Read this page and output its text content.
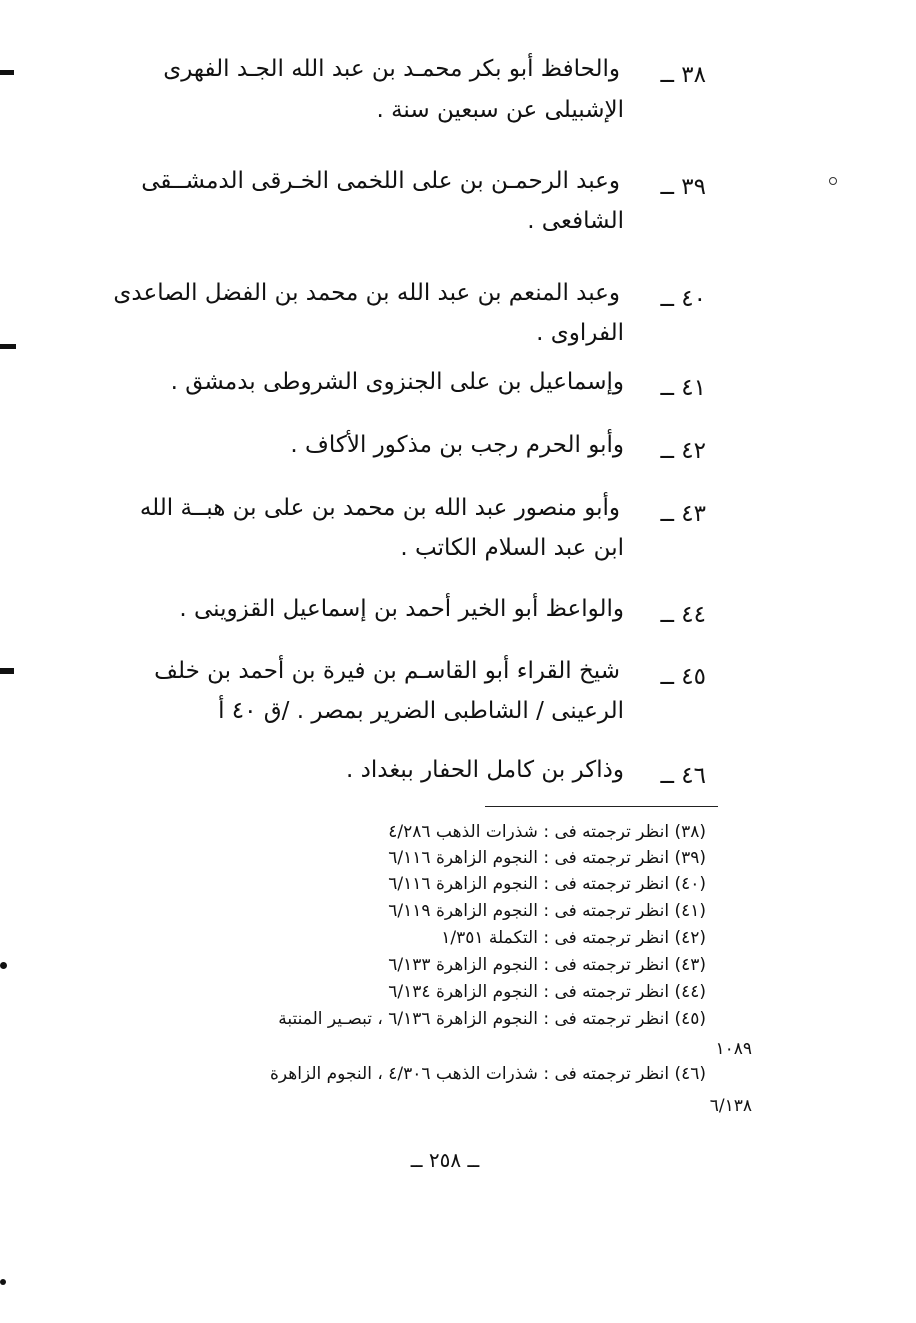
٣٨ ــ
والحافظ أبو بكر محمـد بن عبد الله الجـد الفهرى
الإشبيلى عن سبعين سنة .
٣٩ ــ
وعبد الرحمـن بن على اللخمى الخـرقى الدمشــقى
الشافعى .
٤٠ ــ
وعبد المنعم بن عبد الله بن محمد بن الفضل الصاعدى
الفراوى .
٤١ ــ
وإسماعيل بن على الجنزوى الشروطى بدمشق .
٤٢ ــ
وأبو الحرم رجب بن مذكور الأكاف .
٤٣ ــ
وأبو منصور عبد الله بن محمد بن على بن هبــة الله
ابن عبد السلام الكاتب .
٤٤ ــ
والواعظ أبو الخير أحمد بن إسماعيل القزوينى .
٤٥ ــ
شيخ القراء أبو القاسـم بن فيرة بن أحمد بن خلف
الرعينى / الشاطبى الضرير بمصر . /ق ٤٠ أ
٤٦ ــ
وذاكر بن كامل الحفار ببغداد .
(٣٨) انظر ترجمته فى : شذرات الذهب ٤/٢٨٦
(٣٩) انظر ترجمته فى : النجوم الزاهرة ٦/١١٦
(٤٠) انظر ترجمته فى : النجوم الزاهرة ٦/١١٦
(٤١) انظر ترجمته فى : النجوم الزاهرة ٦/١١٩
(٤٢) انظر ترجمته فى : التكملة ١/٣٥١
(٤٣) انظر ترجمته فى : النجوم الزاهرة ٦/١٣٣
(٤٤) انظر ترجمته فى : النجوم الزاهرة ٦/١٣٤
(٤٥) انظر ترجمته فى : النجوم الزاهرة ٦/١٣٦ ، تبصـير المنتبة
١٠٨٩
(٤٦) انظر ترجمته فى : شذرات الذهب ٤/٣٠٦ ، النجوم الزاهرة
٦/١٣٨
ــ ٢٥٨ ــ
